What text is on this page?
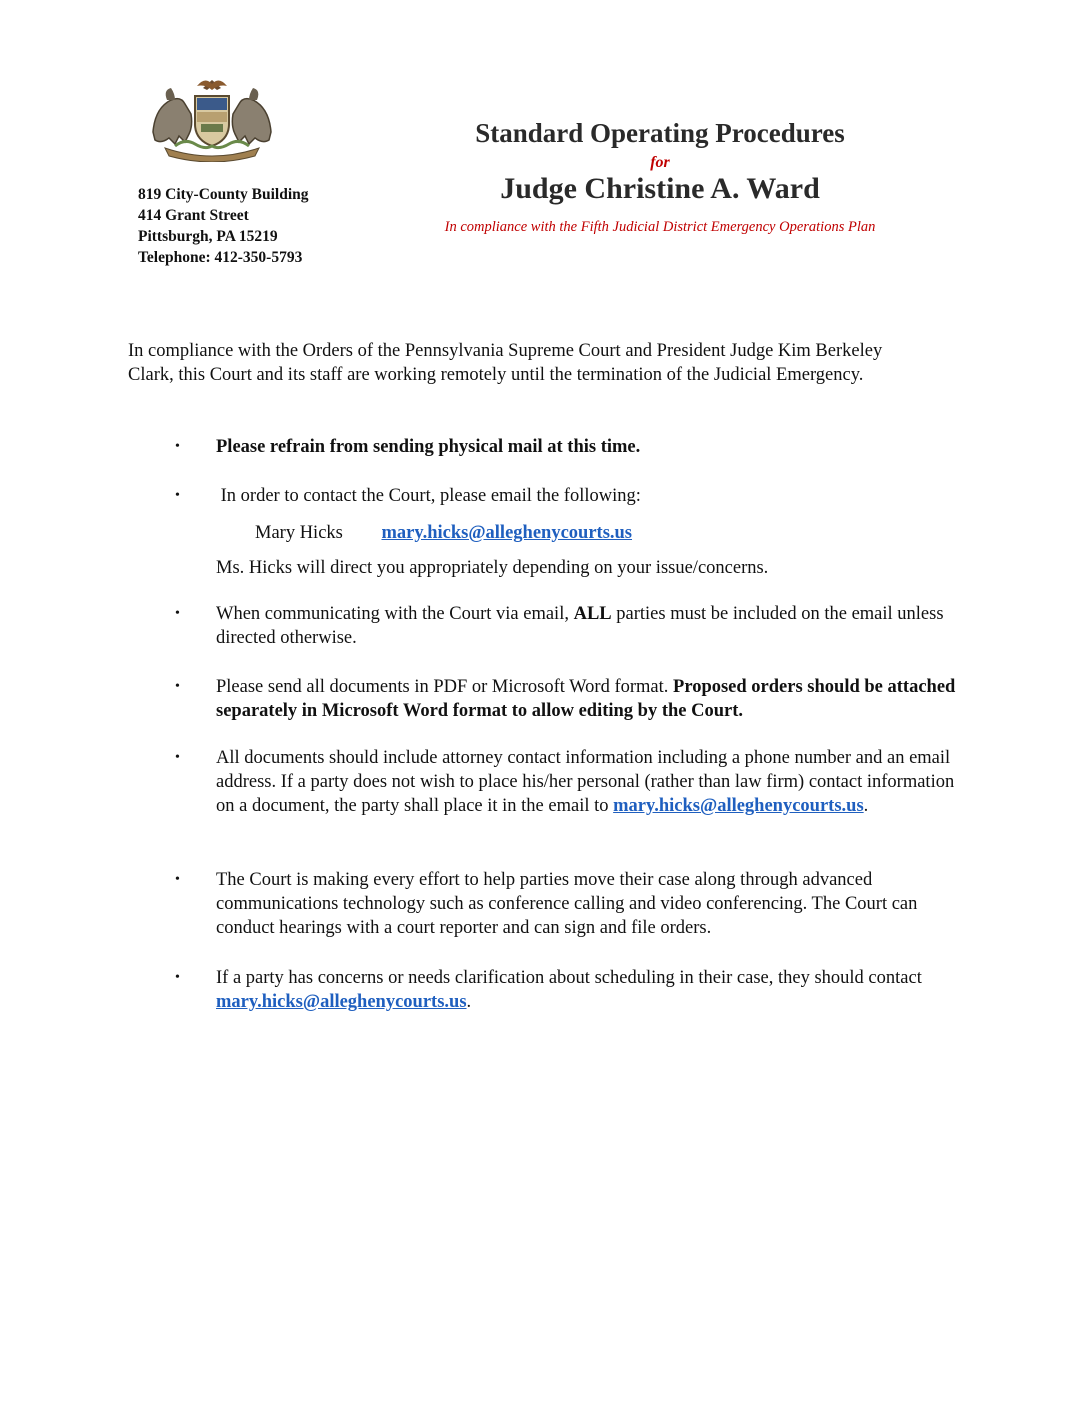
819 City-County Building
414 Grant Street
Pittsburgh, PA 15219
Telephone: 412-350-5793
Standard Operating Procedures
for
Judge Christine A. Ward
In compliance with the Fifth Judicial District Emergency Operations Plan
In compliance with the Orders of the Pennsylvania Supreme Court and President Judge Kim Berkeley Clark, this Court and its staff are working remotely until the termination of the Judicial Emergency.
• Please refrain from sending physical mail at this time.
• In order to contact the Court, please email the following:
Mary Hicks mary.hicks@alleghenycourts.us
Ms. Hicks will direct you appropriately depending on your issue/concerns.
• When communicating with the Court via email, ALL parties must be included on the email unless directed otherwise.
• Please send all documents in PDF or Microsoft Word format. Proposed orders should be attached separately in Microsoft Word format to allow editing by the Court.
• All documents should include attorney contact information including a phone number and an email address. If a party does not wish to place his/her personal (rather than law firm) contact information on a document, the party shall place it in the email to mary.hicks@alleghenycourts.us.
• The Court is making every effort to help parties move their case along through advanced communications technology such as conference calling and video conferencing. The Court can conduct hearings with a court reporter and can sign and file orders.
• If a party has concerns or needs clarification about scheduling in their case, they should contact mary.hicks@alleghenycourts.us.
